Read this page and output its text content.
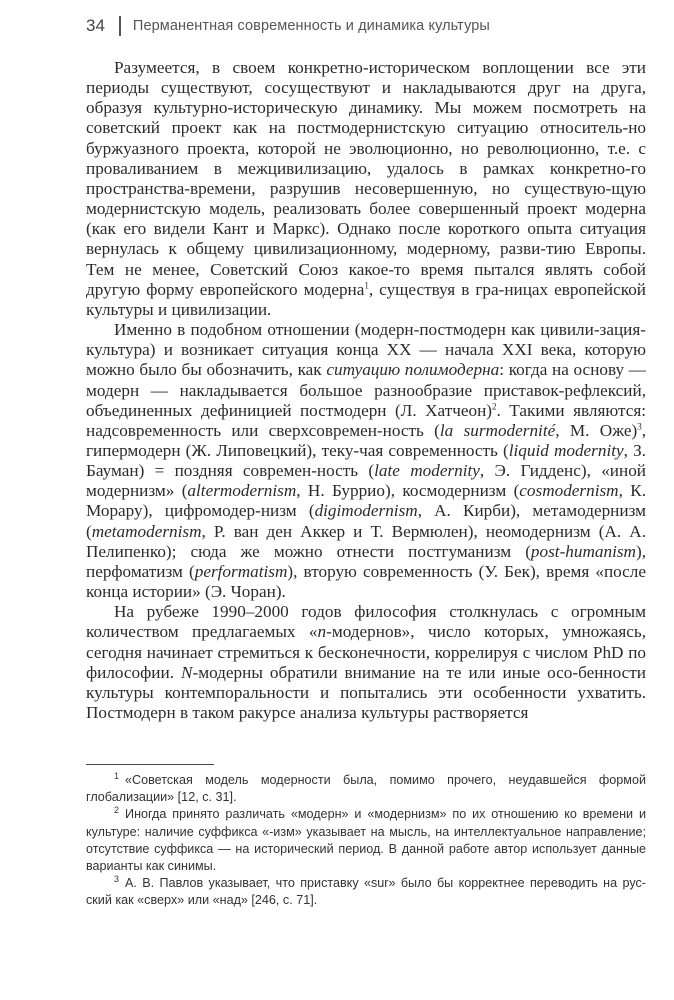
34 Перманентная современность и динамика культуры

Разумеется, в своем конкретно-историческом воплощении все эти периоды существуют, сосуществуют и накладываются друг на друга, образуя культурно-историческую динамику. Мы можем посмотреть на советский проект как на постмодернистскую ситуацию относитель-но буржуазного проекта, которой не эволюционно, но революционно, т.е. с проваливанием в межцивилизацию, удалось в рамках конкретно-го пространства-времени, разрушив несовершенную, но существую-щую модернистскую модель, реализовать более совершенный проект модерна (как его видели Кант и Маркс). Однако после короткого опыта ситуация вернулась к общему цивилизационному, модерному, разви-тию Европы. Тем не менее, Советский Союз какое-то время пытался являть собой другую форму европейского модерна$^1$, существуя в гра-ницах европейской культуры и цивилизации.

Именно в подобном отношении (модерн-постмодерн как цивили-зация-культура) и возникает ситуация конца XX — начала XXI века, которую можно было бы обозначить, как ситуацию полимодерна: когда на основу — модерн — накладывается большое разнообразие приставок-рефлексий, объединенных дефиницией постмодерн (Л. Хатчеон)$^2$. Такими являются: надсовременность или сверхсовремен-ность (la surmodernité, М. Оже)$^3$, гипермодерн (Ж. Липовецкий), теку-чая современность (liquid modernity, З. Бауман) = поздняя современ-ность (late modernity, Э. Гидденс), «иной модернизм» (altermodernism, Н. Буррио), космодернизм (cosmodernism, К. Морару), цифромодер-низм (digimodernism, А. Кирби), метамодернизм (metamodernism, Р. ван ден Аккер и Т. Вермюлен), неомодернизм (А. А. Пелипенко); сюда же можно отнести постгуманизм (post-humanism), перфоматизм (performatism), вторую современность (У. Бек), время «после конца истории» (Э. Чоран).

На рубеже 1990–2000 годов философия столкнулась с огромным количеством предлагаемых «n-модернов», число которых, умножаясь, сегодня начинает стремиться к бесконечности, коррелируя с числом PhD по философии. N-модерны обратили внимание на те или иные осо-бенности культуры контемпоральности и попытались эти особенности ухватить. Постмодерн в таком ракурсе анализа культуры растворяется

$^1$ «Советская модель модерности была, помимо прочего, неудавшейся формой глобализации» [12, с. 31].

$^2$ Иногда принято различать «модерн» и «модернизм» по их отношению ко времени и культуре: наличие суффикса «-изм» указывает на мысль, на интеллектуальное направление; отсутствие суффикса — на исторический период. В данной работе автор использует данные варианты как синимы.

$^3$ А. В. Павлов указывает, что приставку «sur» было бы корректнее переводить на рус-ский как «сверх» или «над» [246, с. 71].
